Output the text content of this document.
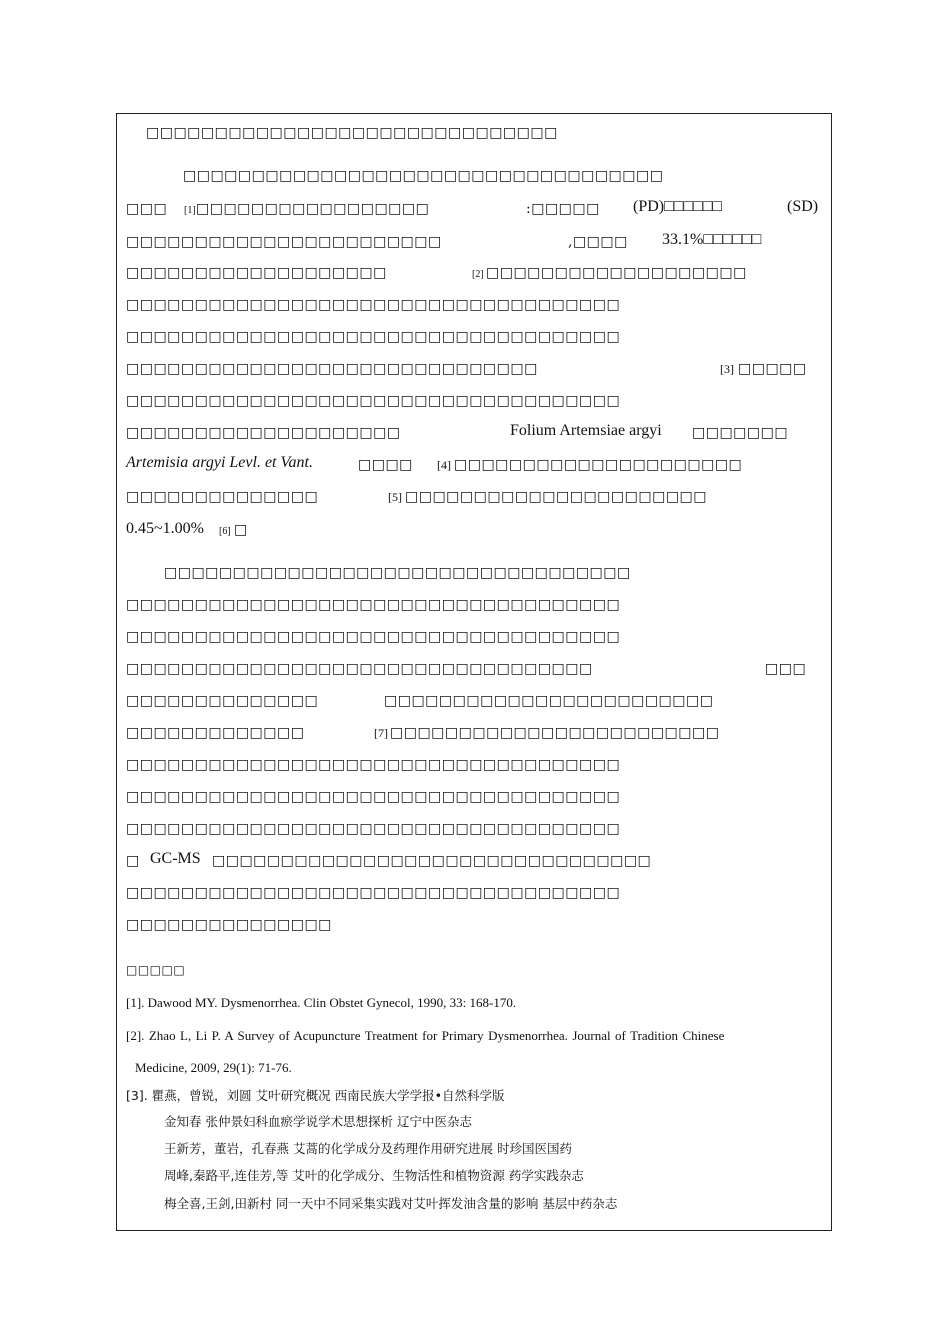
□□□□□□□□□□□□□□□□□□□□□□□□□□□□□□
□□□□□□□□□□□□□□□□□□□□□□□□□□□□□□□□□□□
□□□ [1] □□□□□□□□□□□□□□□□□	:□□□□□ (PD)□□□□□□	(SD)
□□□□□□□□□□□□□□□□□□□□□□□	,□□□□ 33.1%□□□□□□
□□□□□□□□□□□□□□□□□□□	[2] □□□□□□□□□□□□□□□□□□□
□□□□□□□□□□□□□□□□□□□□□□□□□□□□□□□□□□□□
□□□□□□□□□□□□□□□□□□□□□□□□□□□□□□□□□□□□
□□□□□□□□□□□□□□□□□□□□□□□□□□□□□□	[3] □□□□□
□□□□□□□□□□□□□□□□□□□□□□□□□□□□□□□□□□□□
□□□□□□□□□□□□□□□□□□□□	Folium Artemsiae argyi □□□□□□□
Artemisia argyi Levl. et Vant.	□□□□ [4] □□□□□□□□□□□□□□□□□□□□□
□□□□□□□□□□□□□□	[5] □□□□□□□□□□□□□□□□□□□□□□
0.45~1.00% [6] □
□□□□□□□□□□□□□□□□□□□□□□□□□□□□□□□□□□
□□□□□□□□□□□□□□□□□□□□□□□□□□□□□□□□□□□□
□□□□□□□□□□□□□□□□□□□□□□□□□□□□□□□□□□□□
□□□□□□□□□□□□□□□□□□□□□□□□□□□□□□□□□□	□□□
□□□□□□□□□□□□□□	□□□□□□□□□□□□□□□□□□□□□□□□
□□□□□□□□□□□□□	[7] □□□□□□□□□□□□□□□□□□□□□□□□
□□□□□□□□□□□□□□□□□□□□□□□□□□□□□□□□□□□□
□□□□□□□□□□□□□□□□□□□□□□□□□□□□□□□□□□□□
□□□□□□□□□□□□□□□□□□□□□□□□□□□□□□□□□□□□
□ GC-MS □□□□□□□□□□□□□□□□□□□□□□□□□□□□□□□□
□□□□□□□□□□□□□□□□□□□□□□□□□□□□□□□□□□□□
□□□□□□□□□□□□□□□
□□□□□
[1]. Dawood MY. Dysmenorrhea. Clin Obstet Gynecol, 1990, 33: 168-170.
[2]. Zhao L, Li P. A Survey of Acupuncture Treatment for Primary Dysmenorrhea. Journal of Tradition Chinese
Medicine, 2009, 29(1): 71-76.
[3]. 瞿燕，曾锐，刘圆 艾叶研究概况 西南民族大学学报•自然科学版
金知春 张仲景妇科血瘀学说学术思想探析 辽宁中医杂志
王新芳，董岩，孔春燕 艾蒿的化学成分及药理作用研究进展 时珍国医国药
周峰,秦路平,连佳芳,等 艾叶的化学成分、生物活性和植物资源 药学实践杂志
梅全喜,王剑,田新村 同一天中不同采集实践对艾叶挥发油含量的影响 基层中药杂志
